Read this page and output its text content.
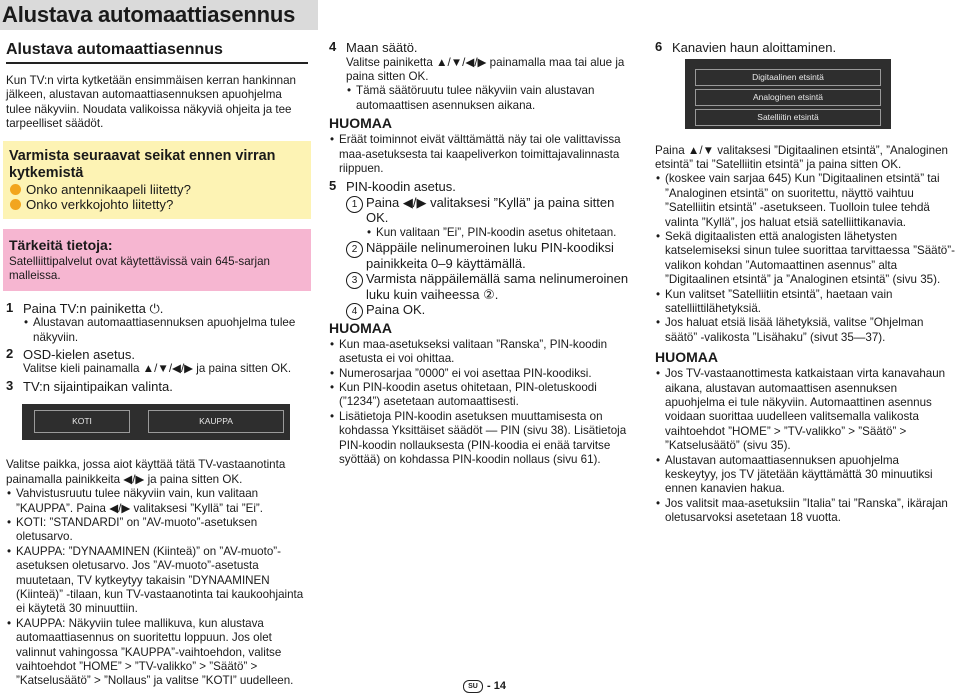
Alustava automaattiasennus
Alustava automaattiasennus
Kun TV:n virta kytketään ensimmäisen kerran hankinnan jälkeen, alustavan automaattiasennuksen apuohjelma tulee näkyviin. Noudata valikoissa näkyviä ohjeita ja tee tarpeelliset säädöt.
Varmista seuraavat seikat ennen virran kytkemistä
Onko antennikaapeli liitetty?
Onko verkkojohto liitetty?
Tärkeitä tietoja:
Satelliittipalvelut ovat käytettävissä vain 645-sarjan malleissa.
1 Paina TV:n painiketta ⏻.
• Alustavan automaattiasennuksen apuohjelma tulee näkyviin.
2 OSD-kielen asetus.
Valitse kieli painamalla ▲/▼/◀/▶ ja paina sitten OK.
3 TV:n sijaintipaikan valinta.
KOTI	KAUPPA
Valitse paikka, jossa aiot käyttää tätä TV-vastaanotinta painamalla painikkeita ◀/▶ ja paina sitten OK.
• Vahvistusruutu tulee näkyviin vain, kun valitaan ”KAUPPA”. Paina ◀/▶ valitaksesi ”Kyllä” tai ”Ei”.
• KOTI: ”STANDARDI” on ”AV-muoto”-asetuksen oletusarvo.
• KAUPPA: ”DYNAAMINEN (Kiinteä)” on ”AV-muoto”-asetuksen oletusarvo. Jos ”AV-muoto”-asetusta muutetaan, TV kytkeytyy takaisin ”DYNAAMINEN (Kiinteä)” -tilaan, kun TV-vastaanotinta tai kaukoohjainta ei käytetä 30 minuuttiin.
• KAUPPA: Näkyviin tulee mallikuva, kun alustava automaattiasennus on suoritettu loppuun. Jos olet valinnut vahingossa ”KAUPPA”-vaihtoehdon, valitse vaihtoehdot ”HOME” > ”TV-valikko” > ”Säätö” > ”Katselusäätö” > ”Nollaus” ja valitse ”KOTI” uudelleen.
4 Maan säätö.
Valitse painiketta ▲/▼/◀/▶ painamalla maa tai alue ja paina sitten OK.
• Tämä säätöruutu tulee näkyviin vain alustavan automaattisen asennuksen aikana.
HUOMAA
• Eräät toiminnot eivät välttämättä näy tai ole valittavissa maa-asetuksesta tai kaapeliverkon toimittajavalinnasta riippuen.
5 PIN-koodin asetus.
1 Paina ◀/▶ valitaksesi ”Kyllä” ja paina sitten OK.
• Kun valitaan ”Ei”, PIN-koodin asetus ohitetaan.
2 Näppäile nelinumeroinen luku PIN-koodiksi painikkeita 0–9 käyttämällä.
3 Varmista näppäilemällä sama nelinumeroinen luku kuin vaiheessa ②.
4 Paina OK.
HUOMAA
• Kun maa-asetukseksi valitaan ”Ranska”, PIN-koodin asetusta ei voi ohittaa.
• Numerosarjaa ”0000” ei voi asettaa PIN-koodiksi.
• Kun PIN-koodin asetus ohitetaan, PIN-oletuskoodi (”1234”) asetetaan automaattisesti.
• Lisätietoja PIN-koodin asetuksen muuttamisesta on kohdassa Yksittäiset säädöt — PIN (sivu 38). Lisätietoja PIN-koodin nollauksesta (PIN-koodia ei enää tarvitse syöttää) on kohdassa PIN-koodin nollaus (sivu 61).
6 Kanavien haun aloittaminen.
Digitaalinen etsintä
Analoginen etsintä
Satelliitin etsintä
Paina ▲/▼ valitaksesi ”Digitaalinen etsintä”, ”Analoginen etsintä” tai ”Satelliitin etsintä” ja paina sitten OK.
• (koskee vain sarjaa 645) Kun ”Digitaalinen etsintä” tai ”Analoginen etsintä” on suoritettu, näyttö vaihtuu ”Satelliitin etsintä” -asetukseen. Tuolloin tulee tehdä valinta ”Kyllä”, jos haluat etsiä satelliittikanavia.
• Sekä digitaalisten että analogisten lähetysten katselemiseksi sinun tulee suorittaa tarvittaessa ”Säätö”-valikon kohdan ”Automaattinen asennus” alta ”Digitaalinen etsintä” ja ”Analoginen etsintä” (sivu 35).
• Kun valitset ”Satelliitin etsintä”, haetaan vain satelliittilähetyksiä.
• Jos haluat etsiä lisää lähetyksiä, valitse ”Ohjelman säätö” -valikosta ”Lisähaku” (sivut 35—37).
HUOMAA
• Jos TV-vastaanottimesta katkaistaan virta kanavahaun aikana, alustavan automaattisen asennuksen apuohjelma ei tule näkyviin. Automaattinen asennus voidaan suorittaa uudelleen valitsemalla valikosta vaihtoehdot ”HOME” > ”TV-valikko” > ”Säätö” > ”Katselusäätö” (sivu 35).
• Alustavan automaattiasennuksen apuohjelma keskeytyy, jos TV jätetään käyttämättä 30 minuutiksi ennen kanavien hakua.
• Jos valitsit maa-asetuksiin ”Italia” tai ”Ranska”, ikärajan oletusarvoksi asetetaan 18 vuotta.
SU - 14
